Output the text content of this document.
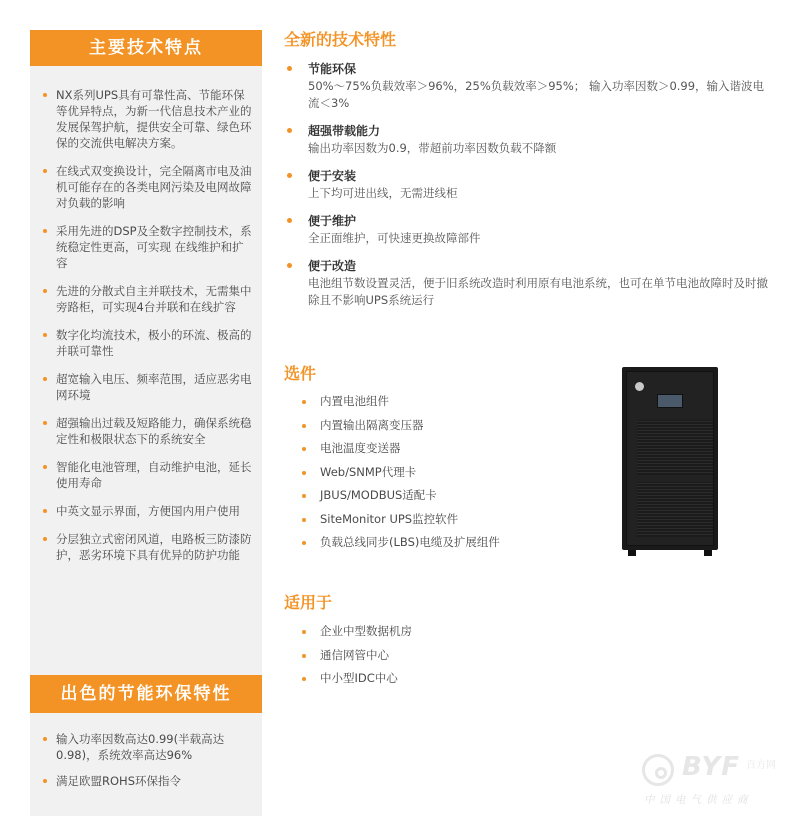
主要技术特点
NX系列UPS具有可靠性高、节能环保等优异特点，为新一代信息技术产业的发展保驾护航，提供安全可靠、绿色环保的交流供电解决方案。
在线式双变换设计，完全隔离市电及油机可能存在的各类电网污染及电网故障对负载的影响
采用先进的DSP及全数字控制技术，系统稳定性更高，可实现 在线维护和扩容
先进的分散式自主并联技术，无需集中旁路柜，可实现4台并联和在线扩容
数字化均流技术，极小的环流、极高的并联可靠性
超宽输入电压、频率范围，适应恶劣电网环境
超强输出过载及短路能力，确保系统稳定性和极限状态下的系统安全
智能化电池管理，自动维护电池，延长使用寿命
中英文显示界面，方便国内用户使用
分层独立式密闭风道，电路板三防漆防护，恶劣环境下具有优异的防护功能
出色的节能环保特性
输入功率因数高达0.99(半载高达0.98)，系统效率高达96%
满足欧盟ROHS环保指令
全新的技术特性
节能环保
50%～75%负载效率＞96%，25%负载效率＞95%； 输入功率因数＞0.99，输入谐波电流＜3%
超强带载能力
输出功率因数为0.9，带超前功率因数负载不降额
便于安装
上下均可进出线，无需进线柜
便于维护
全正面维护，可快速更换故障部件
便于改造
电池组节数设置灵活，便于旧系统改造时利用原有电池系统，也可在单节电池故障时及时撤除且不影响UPS系统运行
选件
内置电池组件
内置输出隔离变压器
电池温度变送器
Web/SNMP代理卡
JBUS/MODBUS适配卡
SiteMonitor UPS监控软件
负载总线同步(LBS)电缆及扩展组件
适用于
企业中型数据机房
通信网管中心
中小型IDC中心
BYF 百方网
中国电气供应商
